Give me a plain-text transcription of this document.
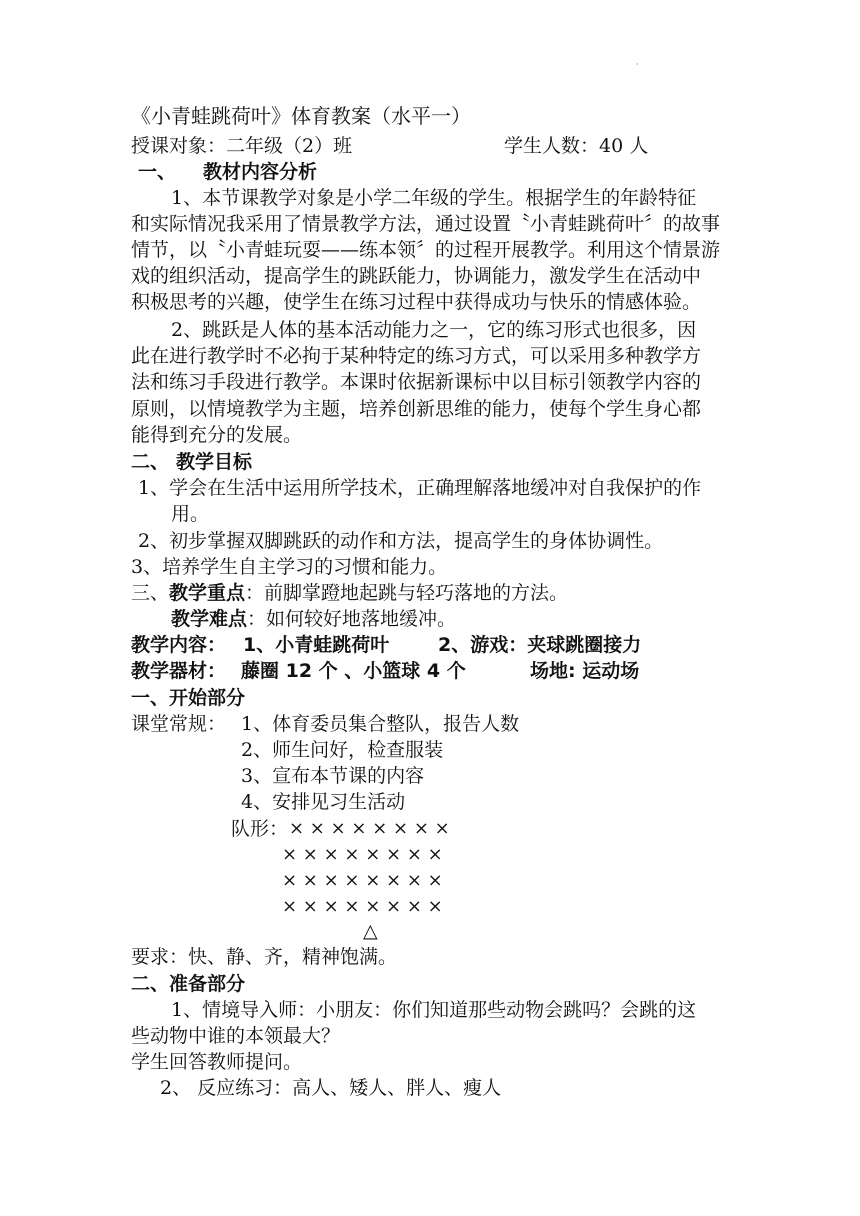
·
《小青蛙跳荷叶》体育教案（水平一）
授课对象：二年级（2）班	学生人数：40 人
一、 教材内容分析
1、本节课教学对象是小学二年级的学生。根据学生的年龄特征
和实际情况我采用了情景教学方法，通过设置〝小青蛙跳荷叶〞的故事
情节，以〝小青蛙玩耍——练本领〞的过程开展教学。利用这个情景游
戏的组织活动，提高学生的跳跃能力，协调能力，激发学生在活动中
积极思考的兴趣，使学生在练习过程中获得成功与快乐的情感体验。
2、跳跃是人体的基本活动能力之一，它的练习形式也很多，因
此在进行教学时不必拘于某种特定的练习方式，可以采用多种教学方
法和练习手段进行教学。本课时依据新课标中以目标引领教学内容的
原则，以情境教学为主题，培养创新思维的能力，使每个学生身心都
能得到充分的发展。
二、 教学目标
1、学会在生活中运用所学技术，正确理解落地缓冲对自我保护的作
用。
2、初步掌握双脚跳跃的动作和方法，提高学生的身体协调性。
3、培养学生自主学习的习惯和能力。
三、教学重点：前脚掌蹬地起跳与轻巧落地的方法。
教学难点：如何较好地落地缓冲。
教学内容： 1、小青蛙跳荷叶	2、游戏：夹球跳圈接力
教学器材： 藤圈 12 个 、小篮球 4 个	场地: 运动场
一、开始部分
课堂常规： 1、体育委员集合整队，报告人数
2、师生问好，检查服装
3、宣布本节课的内容
4、安排见习生活动
队形： × × × × × × × ×
× × × × × × × ×
× × × × × × × ×
× × × × × × × ×
△
要求：快、静、齐，精神饱满。
二、准备部分
1、情境导入师：小朋友：你们知道那些动物会跳吗？会跳的这
些动物中谁的本领最大？
学生回答教师提问。
2、 反应练习：高人、矮人、胖人、瘦人
